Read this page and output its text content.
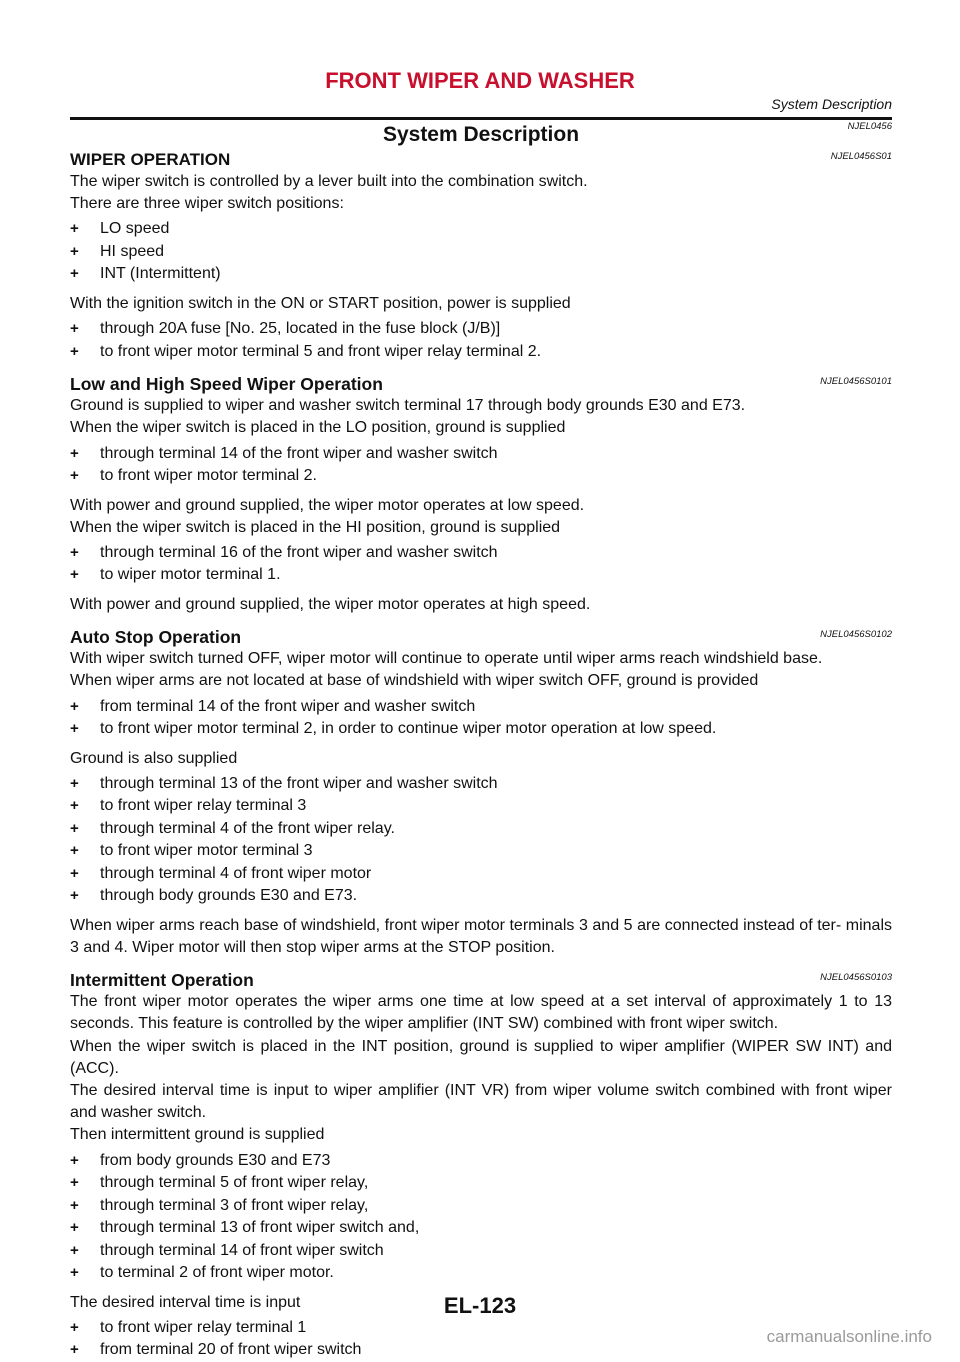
FRONT WIPER AND WASHER
System Description
System Description	NJEL0456
WIPER OPERATION	NJEL0456S01

The wiper switch is controlled by a lever built into the combination switch.

There are three wiper switch positions:

+ LO speed
+ HI speed
+ INT (Intermittent)

With the ignition switch in the ON or START position, power is supplied

+ through 20A fuse [No. 25, located in the fuse block (J/B)]
+ to front wiper motor terminal 5 and front wiper relay terminal 2.
Low and High Speed Wiper Operation	NJEL0456S0101

Ground is supplied to wiper and washer switch terminal 17 through body grounds E30 and E73.

When the wiper switch is placed in the LO position, ground is supplied

+ through terminal 14 of the front wiper and washer switch
+ to front wiper motor terminal 2.

With power and ground supplied, the wiper motor operates at low speed.

When the wiper switch is placed in the HI position, ground is supplied

+ through terminal 16 of the front wiper and washer switch
+ to wiper motor terminal 1.

With power and ground supplied, the wiper motor operates at high speed.

Auto Stop Operation	NJEL0456S0102

With wiper switch turned OFF, wiper motor will continue to operate until wiper arms reach windshield base.

When wiper arms are not located at base of windshield with wiper switch OFF, ground is provided

+ from terminal 14 of the front wiper and washer switch
+ to front wiper motor terminal 2, in order to continue wiper motor operation at low speed.

Ground is also supplied

+ through terminal 13 of the front wiper and washer switch
+ to front wiper relay terminal 3
+ through terminal 4 of the front wiper relay.
+ to front wiper motor terminal 3
+ through terminal 4 of front wiper motor
+ through body grounds E30 and E73.

When wiper arms reach base of windshield, front wiper motor terminals 3 and 5 are connected instead of ter- minals 3 and 4. Wiper motor will then stop wiper arms at the STOP position.

Intermittent Operation	NJEL0456S0103

The front wiper motor operates the wiper arms one time at low speed at a set interval of approximately 1 to 13 seconds. This feature is controlled by the wiper amplifier (INT SW) combined with front wiper switch.

When the wiper switch is placed in the INT position, ground is supplied to wiper amplifier (WIPER SW INT) and (ACC).

The desired interval time is input to wiper amplifier (INT VR) from wiper volume switch combined with front wiper and washer switch.

Then intermittent ground is supplied

+ from body grounds E30 and E73
+ through terminal 5 of front wiper relay,
+ through terminal 3 of front wiper relay,
+ through terminal 13 of front wiper switch and,
+ through terminal 14 of front wiper switch
+ to terminal 2 of front wiper motor.

The desired interval time is input

+ to front wiper relay terminal 1
+ from terminal 20 of front wiper switch
EL-123
carmanualsonline.info
